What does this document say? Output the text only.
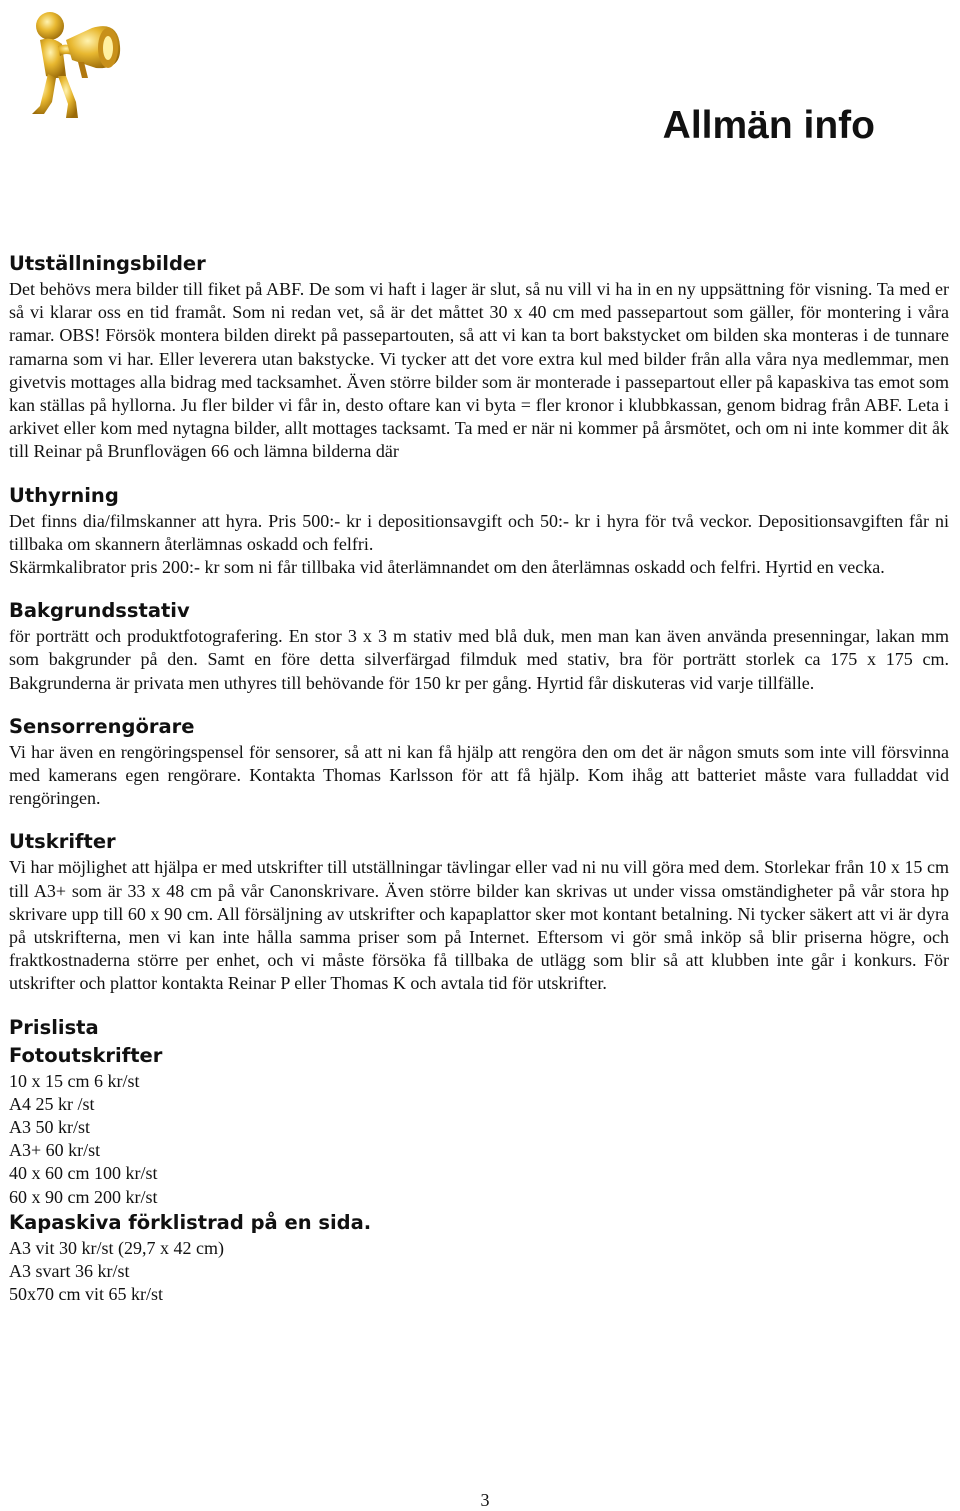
Allmän info
Utställningsbilder

Det behövs mera bilder till fiket på ABF. De som vi haft i lager är slut, så nu vill vi ha in en ny uppsättning för visning. Ta med er så vi klarar oss en tid framåt. Som ni redan vet, så är det måttet 30 x 40 cm med passepartout som gäller, för montering i våra ramar. OBS! Försök montera bilden direkt på passepartouten, så att vi kan ta bort bakstycket om bilden ska monteras i de tunnare ramarna som vi har. Eller leverera utan bakstycke. Vi tycker att det vore extra kul med bilder från alla våra nya medlemmar, men givetvis mottages alla bidrag med tacksamhet. Även större bilder som är monterade i passepartout eller på kapaskiva tas emot som kan ställas på hyllorna. Ju fler bilder vi får in, desto oftare kan vi byta = fler kronor i klubbkassan, genom bidrag från ABF. Leta i arkivet eller kom med nytagna bilder, allt mottages tacksamt. Ta med er när ni kommer på årsmötet, och om ni inte kommer dit åk till Reinar på Brunflovägen 66 och lämna bilderna där

Uthyrning

Det finns dia/filmskanner att hyra. Pris 500:- kr i depositionsavgift och 50:- kr i hyra för två veckor. Depositionsavgiften får ni tillbaka om skannern återlämnas oskadd och felfri.

Skärmkalibrator pris 200:- kr som ni får tillbaka vid återlämnandet om den återlämnas oskadd och felfri. Hyrtid en vecka.

Bakgrundsstativ

för porträtt och produktfotografering. En stor 3 x 3 m stativ med blå duk, men man kan även använda presenningar, lakan mm som bakgrunder på den. Samt en före detta silverfärgad filmduk med stativ, bra för porträtt storlek ca 175 x 175 cm. Bakgrunderna är privata men uthyres till behövande för 150 kr per gång. Hyrtid får diskuteras vid varje tillfälle.

Sensorrengörare

Vi har även en rengöringspensel för sensorer, så att ni kan få hjälp att rengöra den om det är någon smuts som inte vill försvinna med kamerans egen rengörare. Kontakta Thomas Karlsson för att få hjälp. Kom ihåg att batteriet måste vara fulladdat vid rengöringen.

Utskrifter

Vi har möjlighet att hjälpa er med utskrifter till utställningar tävlingar eller vad ni nu vill göra med dem. Storlekar från 10 x 15 cm till A3+ som är 33 x 48 cm på vår Canonskrivare. Även större bilder kan skrivas ut under vissa omständigheter på vår stora hp skrivare upp till 60 x 90 cm. All försäljning av utskrifter och kapaplattor sker mot kontant betalning. Ni tycker säkert att vi är dyra på utskrifterna, men vi kan inte hålla samma priser som på Internet. Eftersom vi gör små inköp så blir priserna högre, och fraktkostnaderna större per enhet, och vi måste försöka få tillbaka de utlägg som blir så att klubben inte går i konkurs. För utskrifter och plattor kontakta Reinar P eller Thomas K och avtala tid för utskrifter.

Prislista
Fotoutskrifter
10 x 15 cm 6 kr/st
A4 25 kr /st
A3 50 kr/st
A3+ 60 kr/st
40 x 60 cm 100 kr/st
60 x 90 cm 200 kr/st
Kapaskiva förklistrad på en sida.
A3 vit 30 kr/st (29,7 x 42 cm)
A3 svart 36 kr/st
50x70 cm vit 65 kr/st
3
